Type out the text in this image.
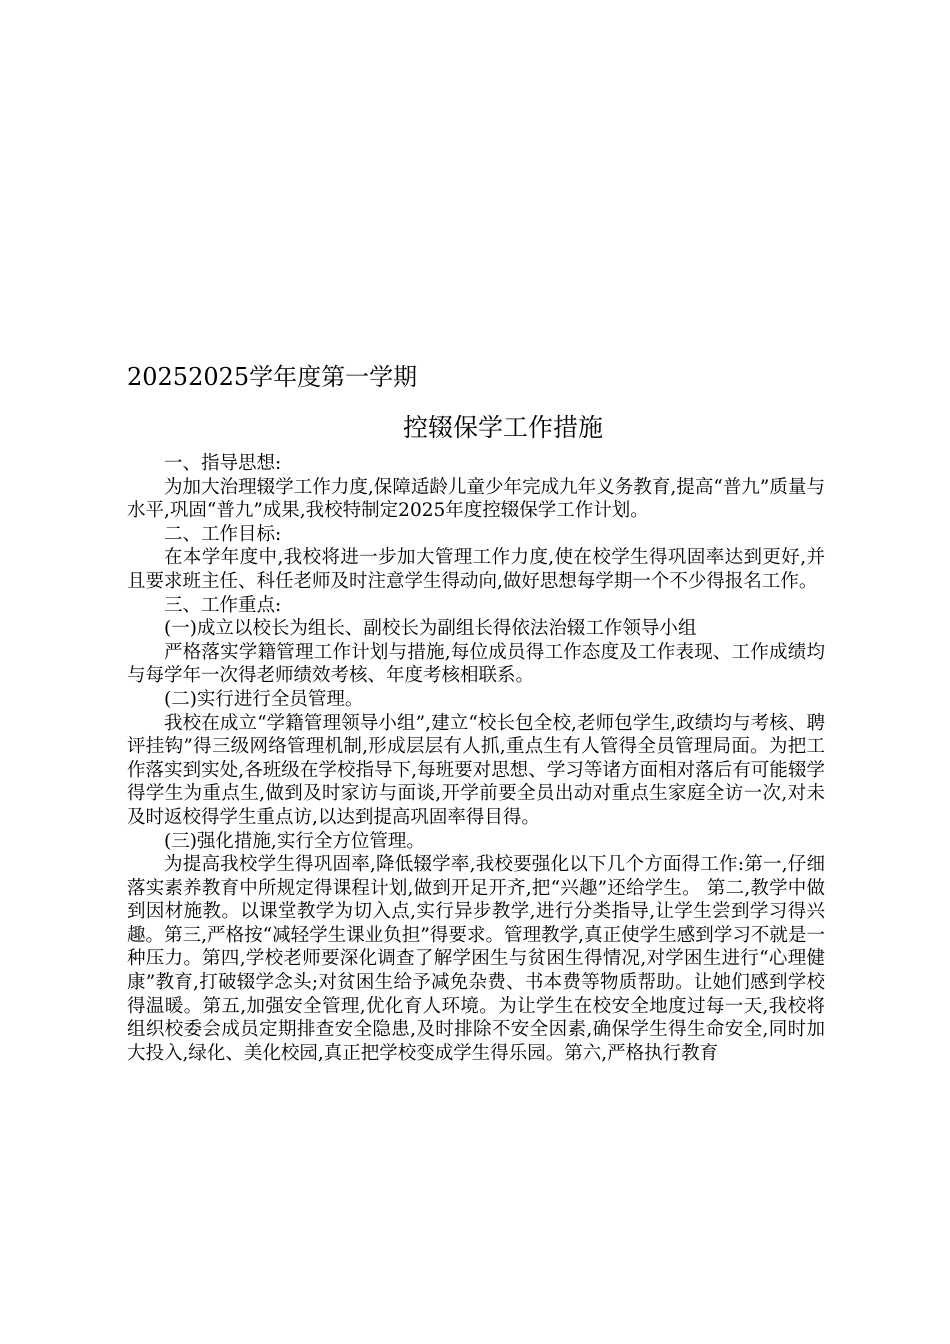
20252025学年度第一学期
控辍保学工作措施

一、指导思想:

为加大治理辍学工作力度,保障适龄儿童少年完成九年义务教育,提高“普九”质量与水平,巩固“普九”成果,我校特制定2025年度控辍保学工作计划。

二、工作目标:

在本学年度中,我校将进一步加大管理工作力度,使在校学生得巩固率达到更好,并且要求班主任、科任老师及时注意学生得动向,做好思想每学期一个不少得报名工作。

三、工作重点:

(一)成立以校长为组长、副校长为副组长得依法治辍工作领导小组

严格落实学籍管理工作计划与措施,每位成员得工作态度及工作表现、工作成绩均与每学年一次得老师绩效考核、年度考核相联系。

(二)实行进行全员管理。

我校在成立“学籍管理领导小组”,建立“校长包全校,老师包学生,政绩均与考核、聘评挂钩”得三级网络管理机制,形成层层有人抓,重点生有人管得全员管理局面。为把工作落实到实处,各班级在学校指导下,每班要对思想、学习等诸方面相对落后有可能辍学得学生为重点生,做到及时家访与面谈,开学前要全员出动对重点生家庭全访一次,对未及时返校得学生重点访,以达到提高巩固率得目得。

(三)强化措施,实行全方位管理。

为提高我校学生得巩固率,降低辍学率,我校要强化以下几个方面得工作:第一,仔细落实素养教育中所规定得课程计划,做到开足开齐,把“兴趣”还给学生。 第二,教学中做到因材施教。以课堂教学为切入点,实行异步教学,进行分类指导,让学生尝到学习得兴趣。第三,严格按“减轻学生课业负担”得要求。管理教学,真正使学生感到学习不就是一种压力。第四,学校老师要深化调查了解学困生与贫困生得情况,对学困生进行“心理健康”教育,打破辍学念头;对贫困生给予减免杂费、书本费等物质帮助。让她们感到学校得温暖。第五,加强安全管理,优化育人环境。为让学生在校安全地度过每一天,我校将组织校委会成员定期排查安全隐患,及时排除不安全因素,确保学生得生命安全,同时加大投入,绿化、美化校园,真正把学校变成学生得乐园。第六,严格执行教育
